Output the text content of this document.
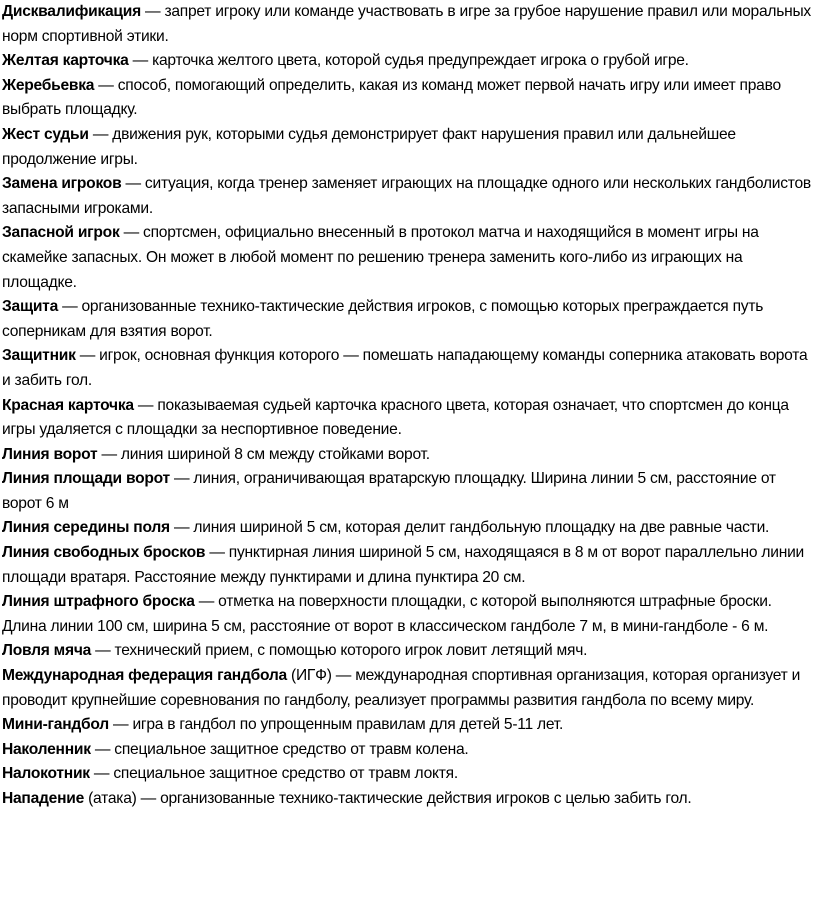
Дисквалификация — запрет игроку или команде участвовать в игре за грубое нарушение правил или моральных норм спортивной этики.

Желтая карточка — карточка желтого цвета, которой судья предупреждает игрока о грубой игре.

Жеребьевка — способ, помогающий определить, какая из команд может первой начать игру или имеет право выбрать площадку.

Жест судьи — движения рук, которыми судья демонстрирует факт нарушения правил или дальнейшее продолжение игры.

Замена игроков — ситуация, когда тренер заменяет играющих на площадке одного или нескольких гандболистов запасными игроками.

Запасной игрок — спортсмен, официально внесенный в протокол матча и находящийся в момент игры на скамейке запасных. Он может в любой момент по решению тренера заменить кого-либо из играющих на площадке.

Защита — организованные технико-тактические действия игроков, с помощью которых преграждается путь соперникам для взятия ворот.

Защитник — игрок, основная функция которого — помешать нападающему команды соперника атаковать ворота и забить гол.

Красная карточка — показываемая судьей карточка красного цвета, которая означает, что спортсмен до конца игры удаляется с площадки за неспортивное поведение.

Линия ворот — линия шириной 8 см между стойками ворот.

Линия площади ворот — линия, ограничивающая вратарскую площадку. Ширина линии 5 см, расстояние от ворот 6 м

Линия середины поля — линия шириной 5 см, которая делит гандбольную площадку на две равные части.

Линия свободных бросков — пунктирная линия шириной 5 см, находящаяся в 8 м от ворот параллельно линии площади вратаря. Расстояние между пунктирами и длина пунктира 20 см.

Линия штрафного броска — отметка на поверхности площадки, с которой выполняются штрафные броски. Длина линии 100 см, ширина 5 см, расстояние от ворот в классическом гандболе 7 м, в мини-гандболе - 6 м.

Ловля мяча — технический прием, с помощью которого игрок ловит летящий мяч.

Международная федерация гандбола (ИГФ) — международная спортивная организация, которая организует и проводит крупнейшие соревнования по гандболу, реализует программы развития гандбола по всему миру.

Мини-гандбол — игра в гандбол по упрощенным правилам для детей 5-11 лет.

Наколенник — специальное защитное средство от травм колена.

Налокотник — специальное защитное средство от травм локтя.

Нападение (атака) — организованные технико-тактические действия игроков с целью забить гол.
